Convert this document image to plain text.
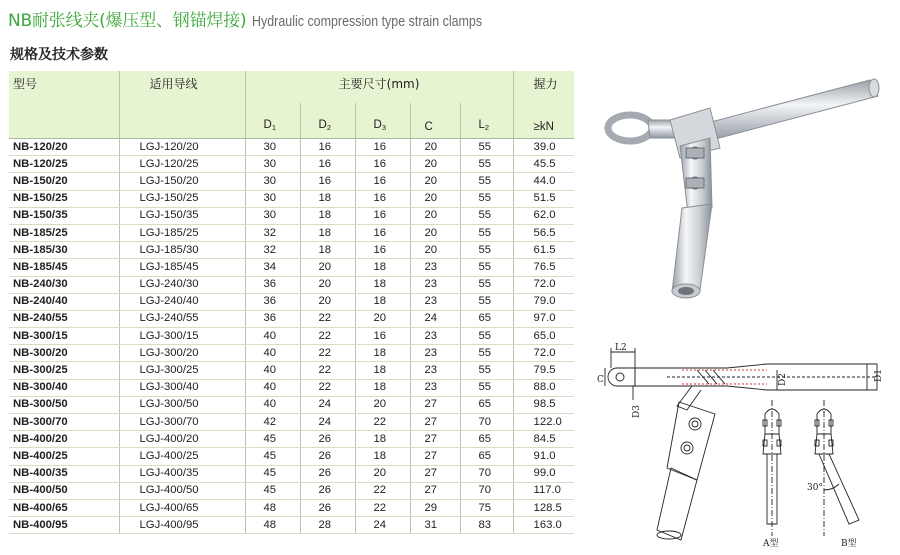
NB耐张线夹(爆压型、钢锚焊接) Hydraulic compression type strain clamps
规格及技术参数
型号	适用导线	主要尺寸(mm)					握力
		$D_1$	$D_2$	$D_3$	C	$L_2$	≥kN
NB-120/20	LGJ-120/20	30	16	16	20	55	39.0
NB-120/25	LGJ-120/25	30	16	16	20	55	45.5
NB-150/20	LGJ-150/20	30	16	16	20	55	44.0
NB-150/25	LGJ-150/25	30	18	16	20	55	51.5
NB-150/35	LGJ-150/35	30	18	16	20	55	62.0
NB-185/25	LGJ-185/25	32	18	16	20	55	56.5
NB-185/30	LGJ-185/30	32	18	16	20	55	61.5
NB-185/45	LGJ-185/45	34	20	18	23	55	76.5
NB-240/30	LGJ-240/30	36	20	18	23	55	72.0
NB-240/40	LGJ-240/40	36	20	18	23	55	79.0
NB-240/55	LGJ-240/55	36	22	20	24	65	97.0
NB-300/15	LGJ-300/15	40	22	16	23	55	65.0
NB-300/20	LGJ-300/20	40	22	18	23	55	72.0
NB-300/25	LGJ-300/25	40	22	18	23	55	79.5
NB-300/40	LGJ-300/40	40	22	18	23	55	88.0
NB-300/50	LGJ-300/50	40	24	20	27	65	98.5
NB-300/70	LGJ-300/70	42	24	22	27	70	122.0
NB-400/20	LGJ-400/20	45	26	18	27	65	84.5
NB-400/25	LGJ-400/25	45	26	18	27	65	91.0
NB-400/35	LGJ-400/35	45	26	20	27	70	99.0
NB-400/50	LGJ-400/50	45	26	22	27	70	117.0
NB-400/65	LGJ-400/65	48	26	22	29	75	128.5
NB-400/95	LGJ-400/95	48	28	24	31	83	163.0
L2
C	D1
D2
D3
30°
A型	B型
